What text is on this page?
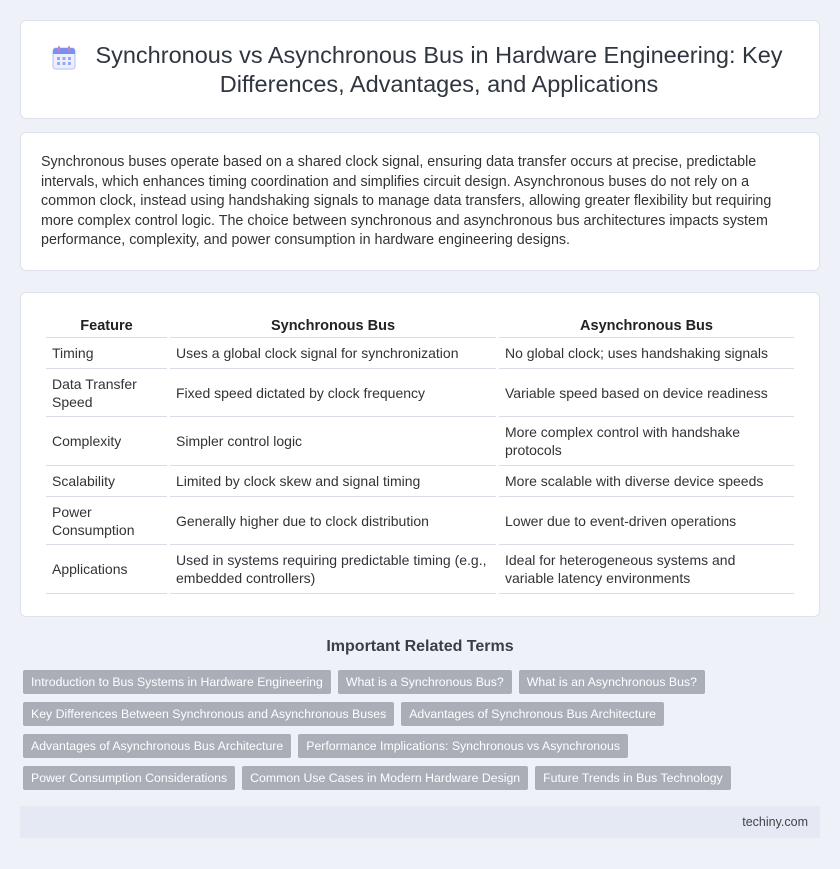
Synchronous vs Asynchronous Bus in Hardware Engineering: Key Differences, Advantages, and Applications

Synchronous buses operate based on a shared clock signal, ensuring data transfer occurs at precise, predictable intervals, which enhances timing coordination and simplifies circuit design. Asynchronous buses do not rely on a common clock, instead using handshaking signals to manage data transfers, allowing greater flexibility but requiring more complex control logic. The choice between synchronous and asynchronous bus architectures impacts system performance, complexity, and power consumption in hardware engineering designs.

Feature	Synchronous Bus	Asynchronous Bus
Timing	Uses a global clock signal for synchronization	No global clock; uses handshaking signals
Data Transfer Speed	Fixed speed dictated by clock frequency	Variable speed based on device readiness
Complexity	Simpler control logic	More complex control with handshake protocols
Scalability	Limited by clock skew and signal timing	More scalable with diverse device speeds
Power Consumption	Generally higher due to clock distribution	Lower due to event-driven operations
Applications	Used in systems requiring predictable timing (e.g., embedded controllers)	Ideal for heterogeneous systems and variable latency environments
Important Related Terms
Introduction to Bus Systems in Hardware Engineering	What is a Synchronous Bus?	What is an Asynchronous Bus?
Key Differences Between Synchronous and Asynchronous Buses	Advantages of Synchronous Bus Architecture
Advantages of Asynchronous Bus Architecture	Performance Implications: Synchronous vs Asynchronous
Power Consumption Considerations	Common Use Cases in Modern Hardware Design	Future Trends in Bus Technology
techiny.com
